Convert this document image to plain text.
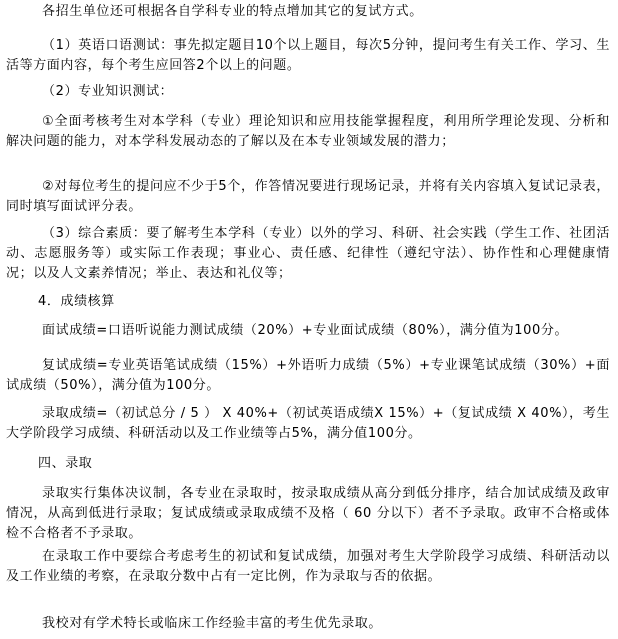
各招生单位还可根据各自学科专业的特点增加其它的复试方式。

（1）英语口语测试：事先拟定题目10个以上题目，每次5分钟，提问考生有关工作、学习、生活等方面内容，每个考生应回答2个以上的问题。

（2）专业知识测试：

①全面考核考生对本学科（专业）理论知识和应用技能掌握程度，利用所学理论发现、分析和解决问题的能力，对本学科发展动态的了解以及在本专业领域发展的潜力；

②对每位考生的提问应不少于5个，作答情况要进行现场记录，并将有关内容填入复试记录表，同时填写面试评分表。

（3）综合素质：要了解考生本学科（专业）以外的学习、科研、社会实践（学生工作、社团活动、志愿服务等）或实际工作表现；事业心、责任感、纪律性（遵纪守法）、协作性和心理健康情况；以及人文素养情况；举止、表达和礼仪等；

4．成绩核算

面试成绩=口语听说能力测试成绩（20%）+专业面试成绩（80%），满分值为100分。

复试成绩=专业英语笔试成绩（15%）+外语听力成绩（5%）+专业课笔试成绩（30%）+面试成绩（50%），满分值为100分。

录取成绩=（初试总分 / 5 ） X 40%+（初试英语成绩X 15%）+（复试成绩 X 40%），考生大学阶段学习成绩、科研活动以及工作业绩等占5%，满分值100分。

四、录取

录取实行集体决议制，各专业在录取时，按录取成绩从高分到低分排序，结合加试成绩及政审情况，从高到低进行录取；复试成绩或录取成绩不及格（ 60 分以下）者不予录取。政审不合格或体检不合格者不予录取。

在录取工作中要综合考虑考生的初试和复试成绩，加强对考生大学阶段学习成绩、科研活动以及工作业绩的考察，在录取分数中占有一定比例，作为录取与否的依据。

我校对有学术特长或临床工作经验丰富的考生优先录取。
